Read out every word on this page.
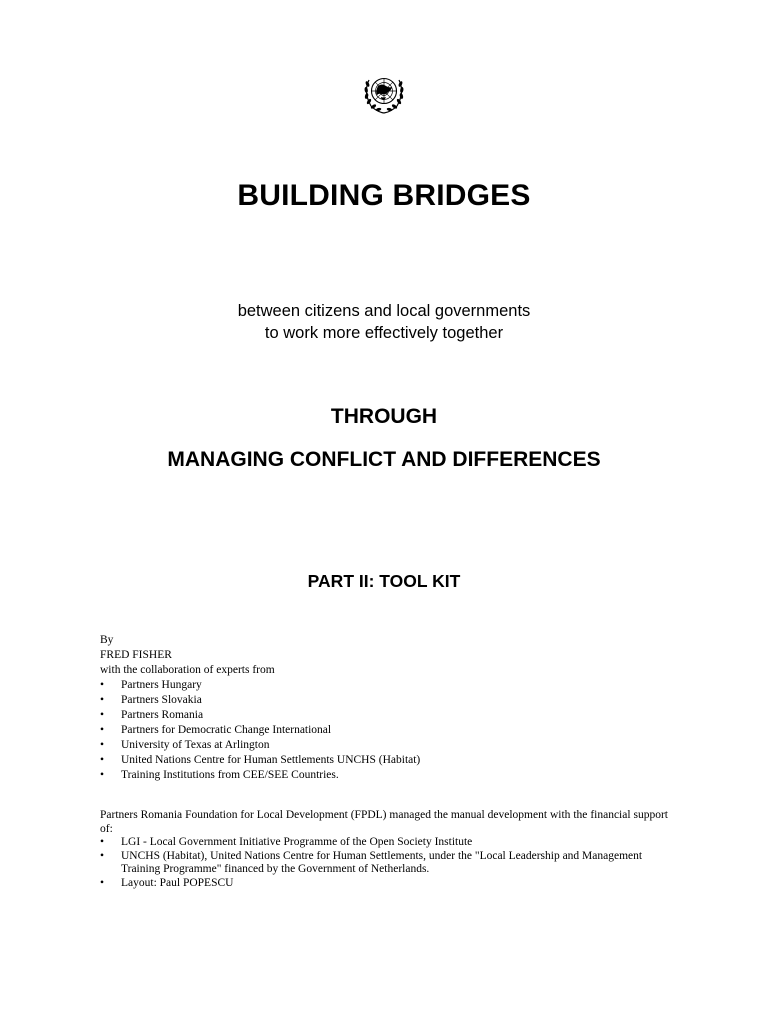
BUILDING BRIDGES
between citizens and local governments
to work more effectively together
THROUGH
MANAGING CONFLICT AND DIFFERENCES
PART II: TOOL KIT
By
FRED FISHER
with the collaboration of experts from
• Partners Hungary
• Partners Slovakia
• Partners Romania
• Partners for Democratic Change International
• University of Texas at Arlington
• United Nations Centre for Human Settlements UNCHS (Habitat)
• Training Institutions from CEE/SEE Countries.

Partners Romania Foundation for Local Development (FPDL) managed the manual development with the financial support of:

• LGI - Local Government Initiative Programme of the Open Society Institute
• UNCHS (Habitat), United Nations Centre for Human Settlements, under the "Local Leadership and Management Training Programme" financed by the Government of Netherlands.
• Layout: Paul POPESCU
